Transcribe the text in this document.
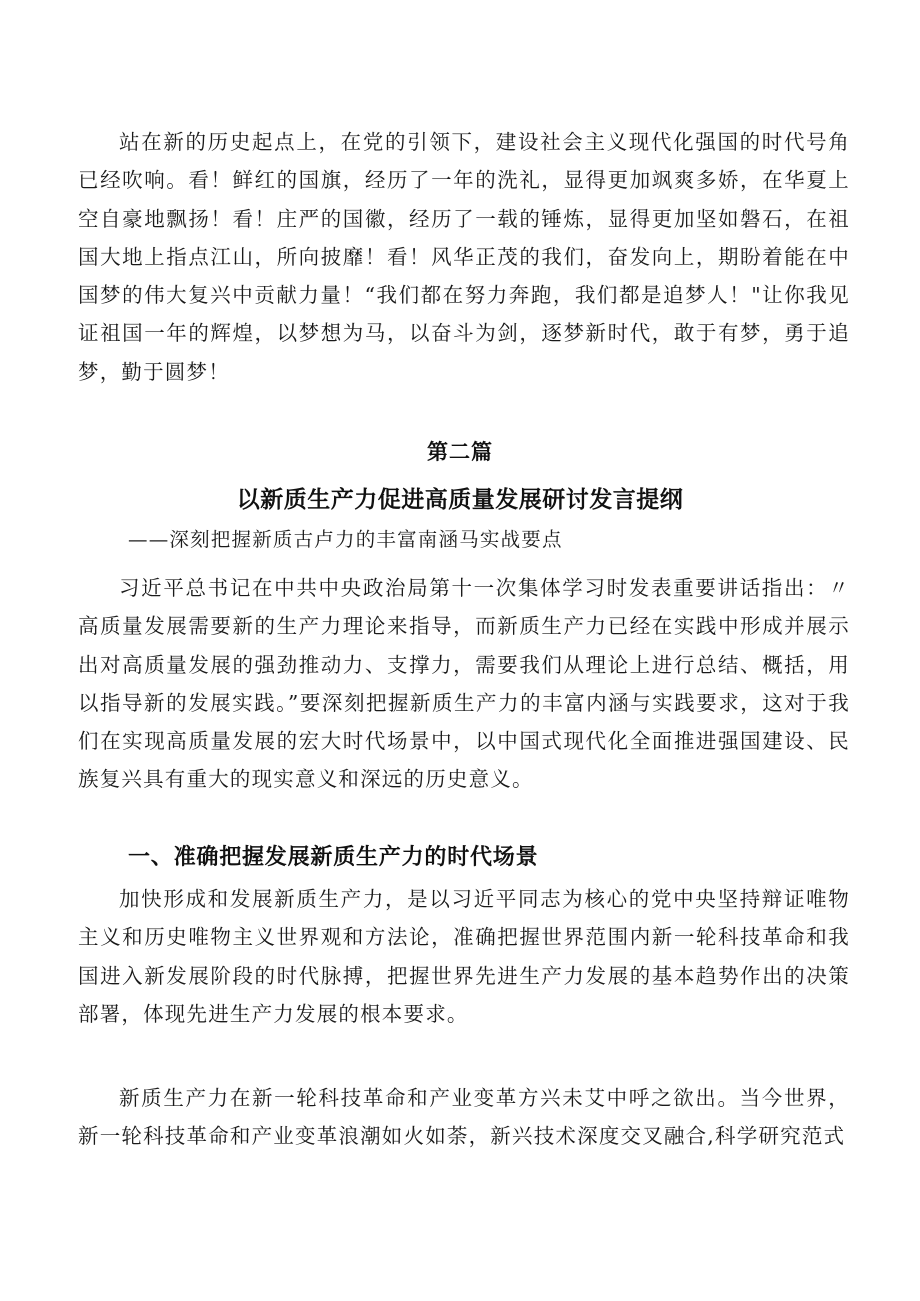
站在新的历史起点上，在党的引领下，建设社会主义现代化强国的时代号角已经吹响。看！鲜红的国旗，经历了一年的洗礼，显得更加飒爽多娇，在华夏上空自豪地飘扬！看！庄严的国徽，经历了一载的锤炼，显得更加坚如磐石，在祖国大地上指点江山，所向披靡！看！风华正茂的我们，奋发向上，期盼着能在中国梦的伟大复兴中贡献力量！“我们都在努力奔跑，我们都是追梦人！"让你我见证祖国一年的辉煌，以梦想为马，以奋斗为剑，逐梦新时代，敢于有梦，勇于追梦，勤于圆梦！

第二篇
以新质生产力促进高质量发展研讨发言提纲

——深刻把握新质古卢力的丰富南涵马实战要点

习近平总书记在中共中央政治局第十一次集体学习时发表重要讲话指出：〃高质量发展需要新的生产力理论来指导，而新质生产力已经在实践中形成并展示出对高质量发展的强劲推动力、支撑力，需要我们从理论上进行总结、概括，用以指导新的发展实践。”要深刻把握新质生产力的丰富内涵与实践要求，这对于我们在实现高质量发展的宏大时代场景中，以中国式现代化全面推进强国建设、民族复兴具有重大的现实意义和深远的历史意义。

一、准确把握发展新质生产力的时代场景

加快形成和发展新质生产力，是以习近平同志为核心的党中央坚持辩证唯物主义和历史唯物主义世界观和方法论，准确把握世界范围内新一轮科技革命和我国进入新发展阶段的时代脉搏，把握世界先进生产力发展的基本趋势作出的决策部署，体现先进生产力发展的根本要求。

新质生产力在新一轮科技革命和产业变革方兴未艾中呼之欲出。当今世界，新一轮科技革命和产业变革浪潮如火如荼，新兴技术深度交叉融合,科学研究范式
